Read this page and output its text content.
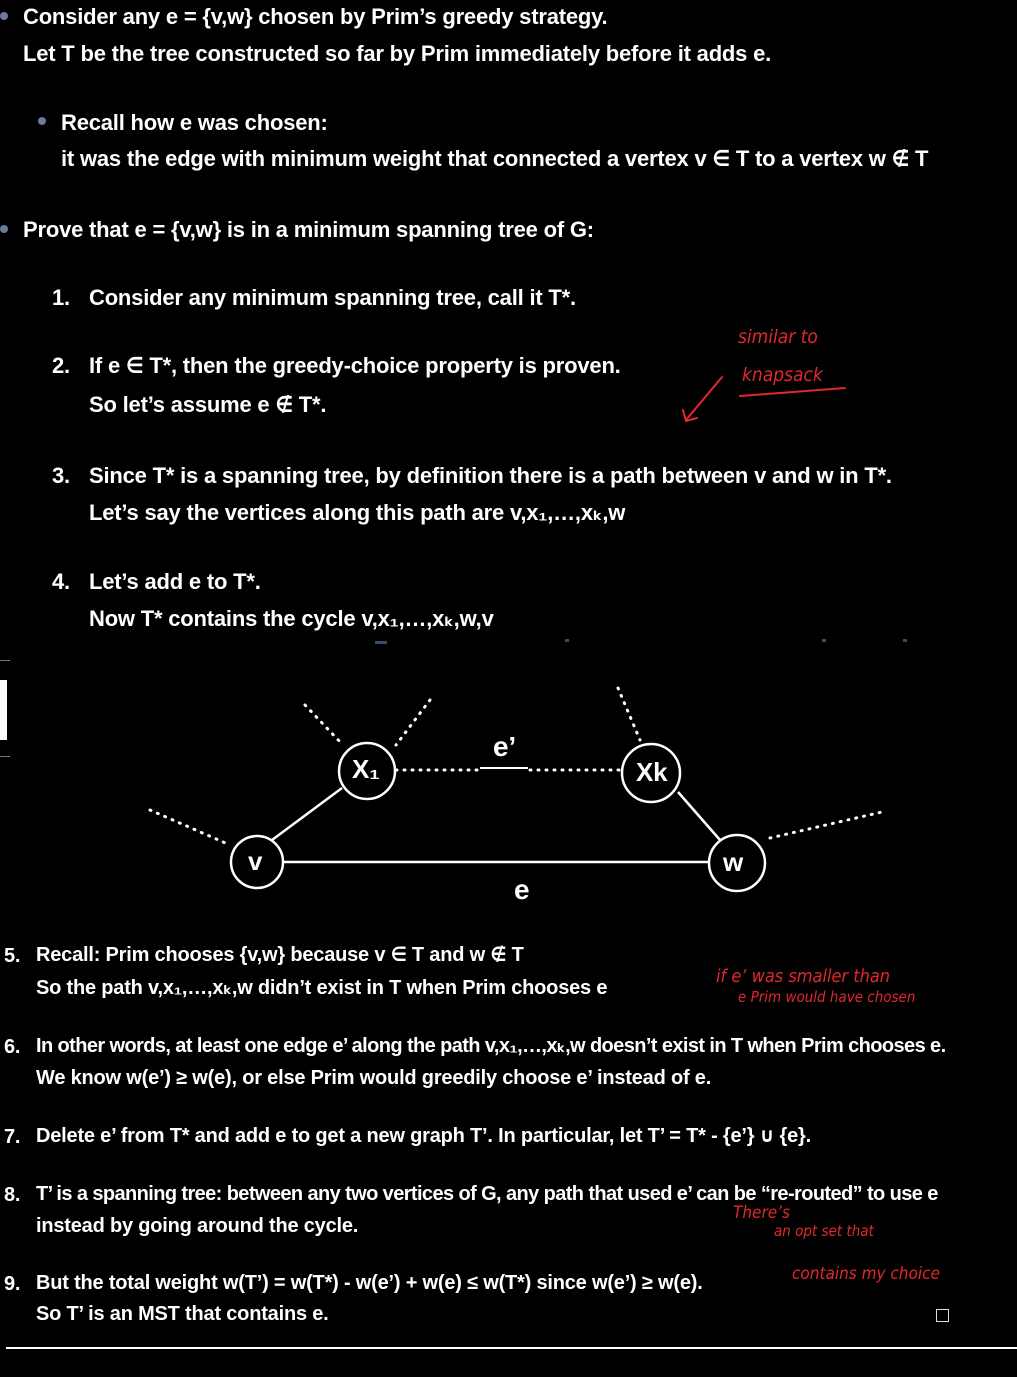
Consider any e = {v,w} chosen by Prim’s greedy strategy.
Let T be the tree constructed so far by Prim immediately before it adds e.
Recall how e was chosen:
it was the edge with minimum weight that connected a vertex v ∈ T to a vertex w ∉ T
Prove that e = {v,w} is in a minimum spanning tree of G:
1. Consider any minimum spanning tree, call it T*.
2. If e ∈ T*, then the greedy-choice property is proven.
So let’s assume e ∉ T*.
3. Since T* is a spanning tree, by definition there is a path between v and w in T*.
Let’s say the vertices along this path are v,x₁,…,xₖ,w
4. Let’s add e to T*.
Now T* contains the cycle v,x₁,…,xₖ,w,v
v
X₁	Xk
w
e’
e
5. Recall: Prim chooses {v,w} because v ∈ T and w ∉ T
So the path v,x₁,…,xₖ,w didn’t exist in T when Prim chooses e
6. In other words, at least one edge e’ along the path v,x₁,…,xₖ,w doesn’t exist in T when Prim chooses e.
We know w(e’) ≥ w(e), or else Prim would greedily choose e’ instead of e.
7. Delete e’ from T* and add e to get a new graph T’. In particular, let T’ = T* - {e’} ∪ {e}.
8. T’ is a spanning tree: between any two vertices of G, any path that used e’ can be “re-routed” to use e
instead by going around the cycle.
9. But the total weight w(T’) = w(T*) - w(e’) + w(e) ≤ w(T*) since w(e’) ≥ w(e).
So T’ is an MST that contains e.
similar to
knapsack
if e’ was smaller than
e Prim would have chosen
There’s
an opt set that
contains my choice
